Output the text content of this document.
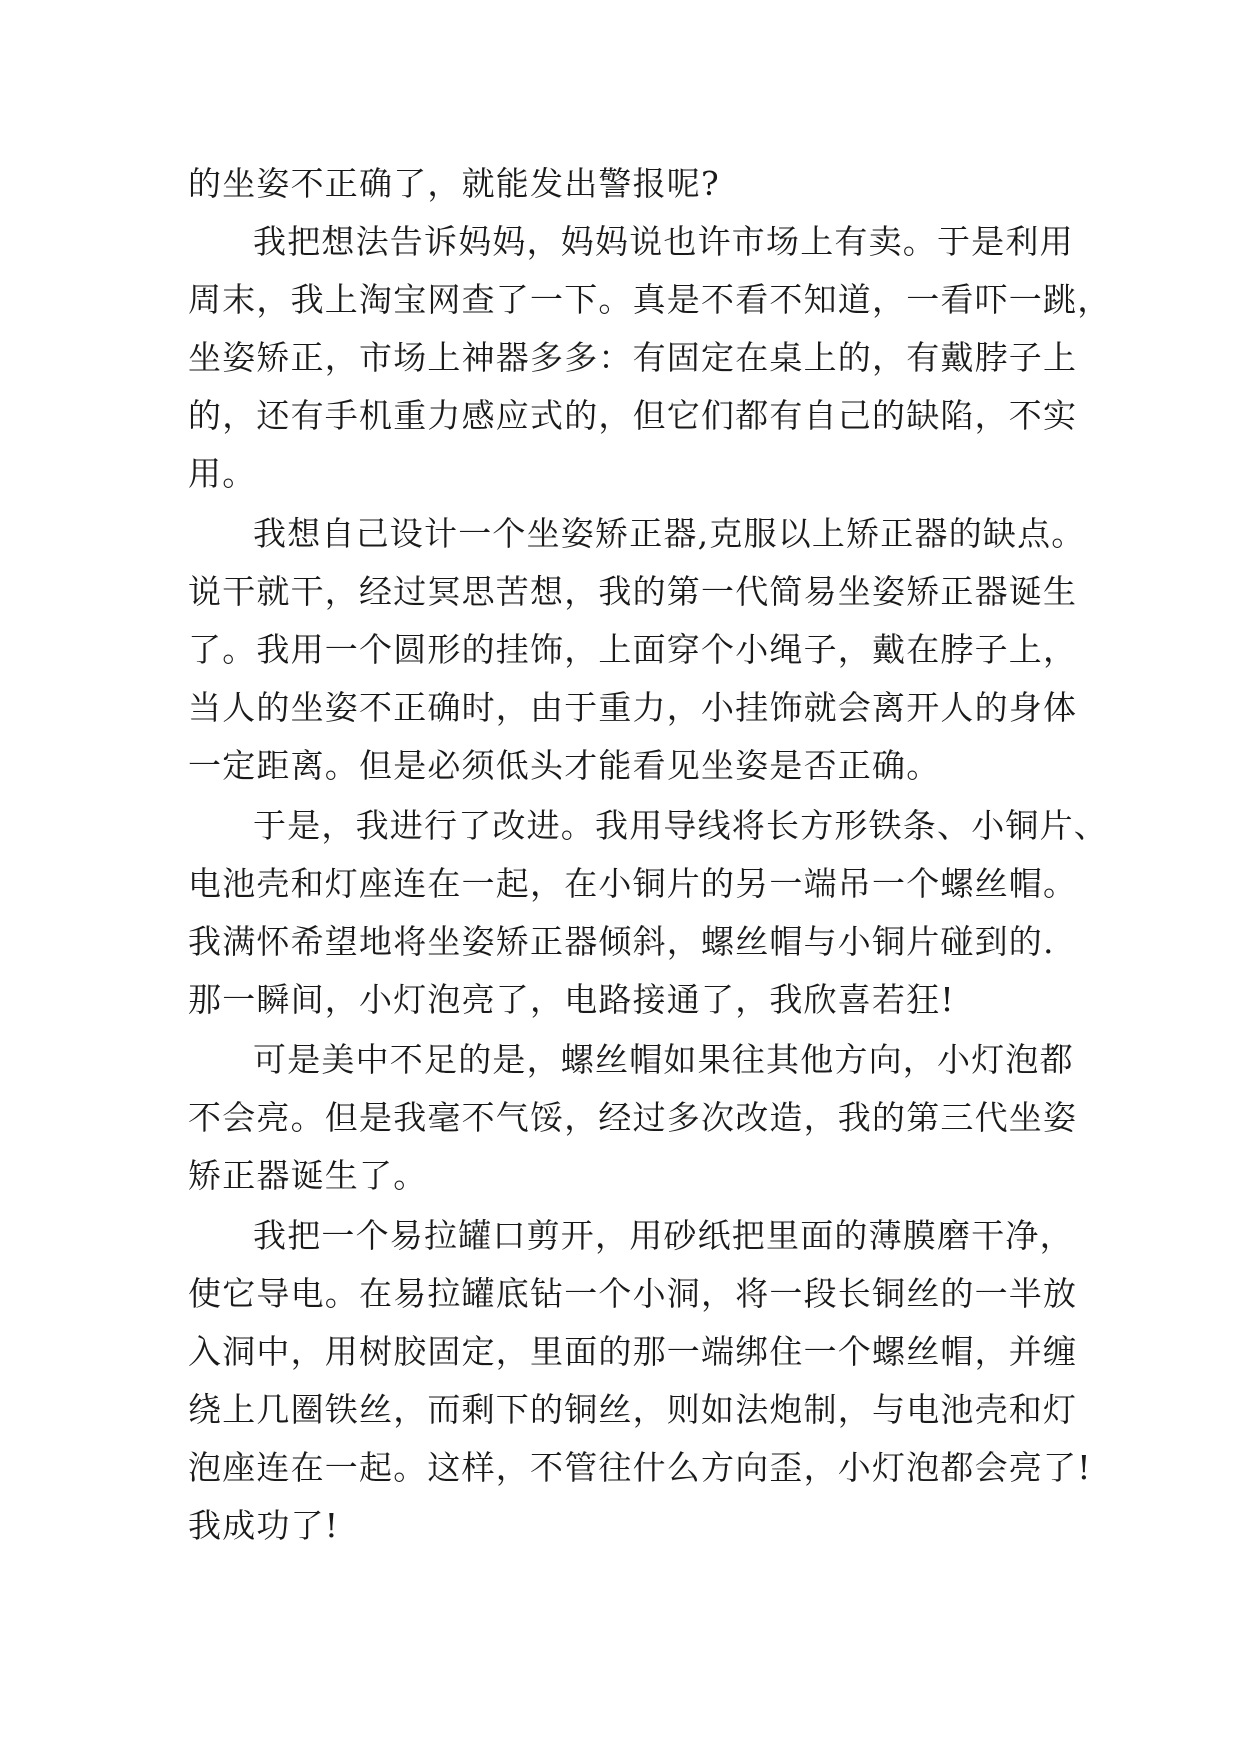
的坐姿不正确了，就能发出警报呢?
我把想法告诉妈妈，妈妈说也许市场上有卖。于是利用
周末，我上淘宝网查了一下。真是不看不知道，一看吓一跳，
坐姿矫正，市场上神器多多：有固定在桌上的，有戴脖子上
的，还有手机重力感应式的，但它们都有自己的缺陷，不实
用。
我想自己设计一个坐姿矫正器,克服以上矫正器的缺点。
说干就干，经过冥思苦想，我的第一代简易坐姿矫正器诞生
了。我用一个圆形的挂饰，上面穿个小绳子，戴在脖子上，
当人的坐姿不正确时，由于重力，小挂饰就会离开人的身体
一定距离。但是必须低头才能看见坐姿是否正确。
于是，我进行了改进。我用导线将长方形铁条、小铜片、
电池壳和灯座连在一起，在小铜片的另一端吊一个螺丝帽。
我满怀希望地将坐姿矫正器倾斜，螺丝帽与小铜片碰到的.
那一瞬间，小灯泡亮了，电路接通了，我欣喜若狂!
可是美中不足的是，螺丝帽如果往其他方向，小灯泡都
不会亮。但是我毫不气馁，经过多次改造，我的第三代坐姿
矫正器诞生了。
我把一个易拉罐口剪开，用砂纸把里面的薄膜磨干净，
使它导电。在易拉罐底钻一个小洞，将一段长铜丝的一半放
入洞中，用树胶固定，里面的那一端绑住一个螺丝帽，并缠
绕上几圈铁丝，而剩下的铜丝，则如法炮制，与电池壳和灯
泡座连在一起。这样，不管往什么方向歪，小灯泡都会亮了!
我成功了!
